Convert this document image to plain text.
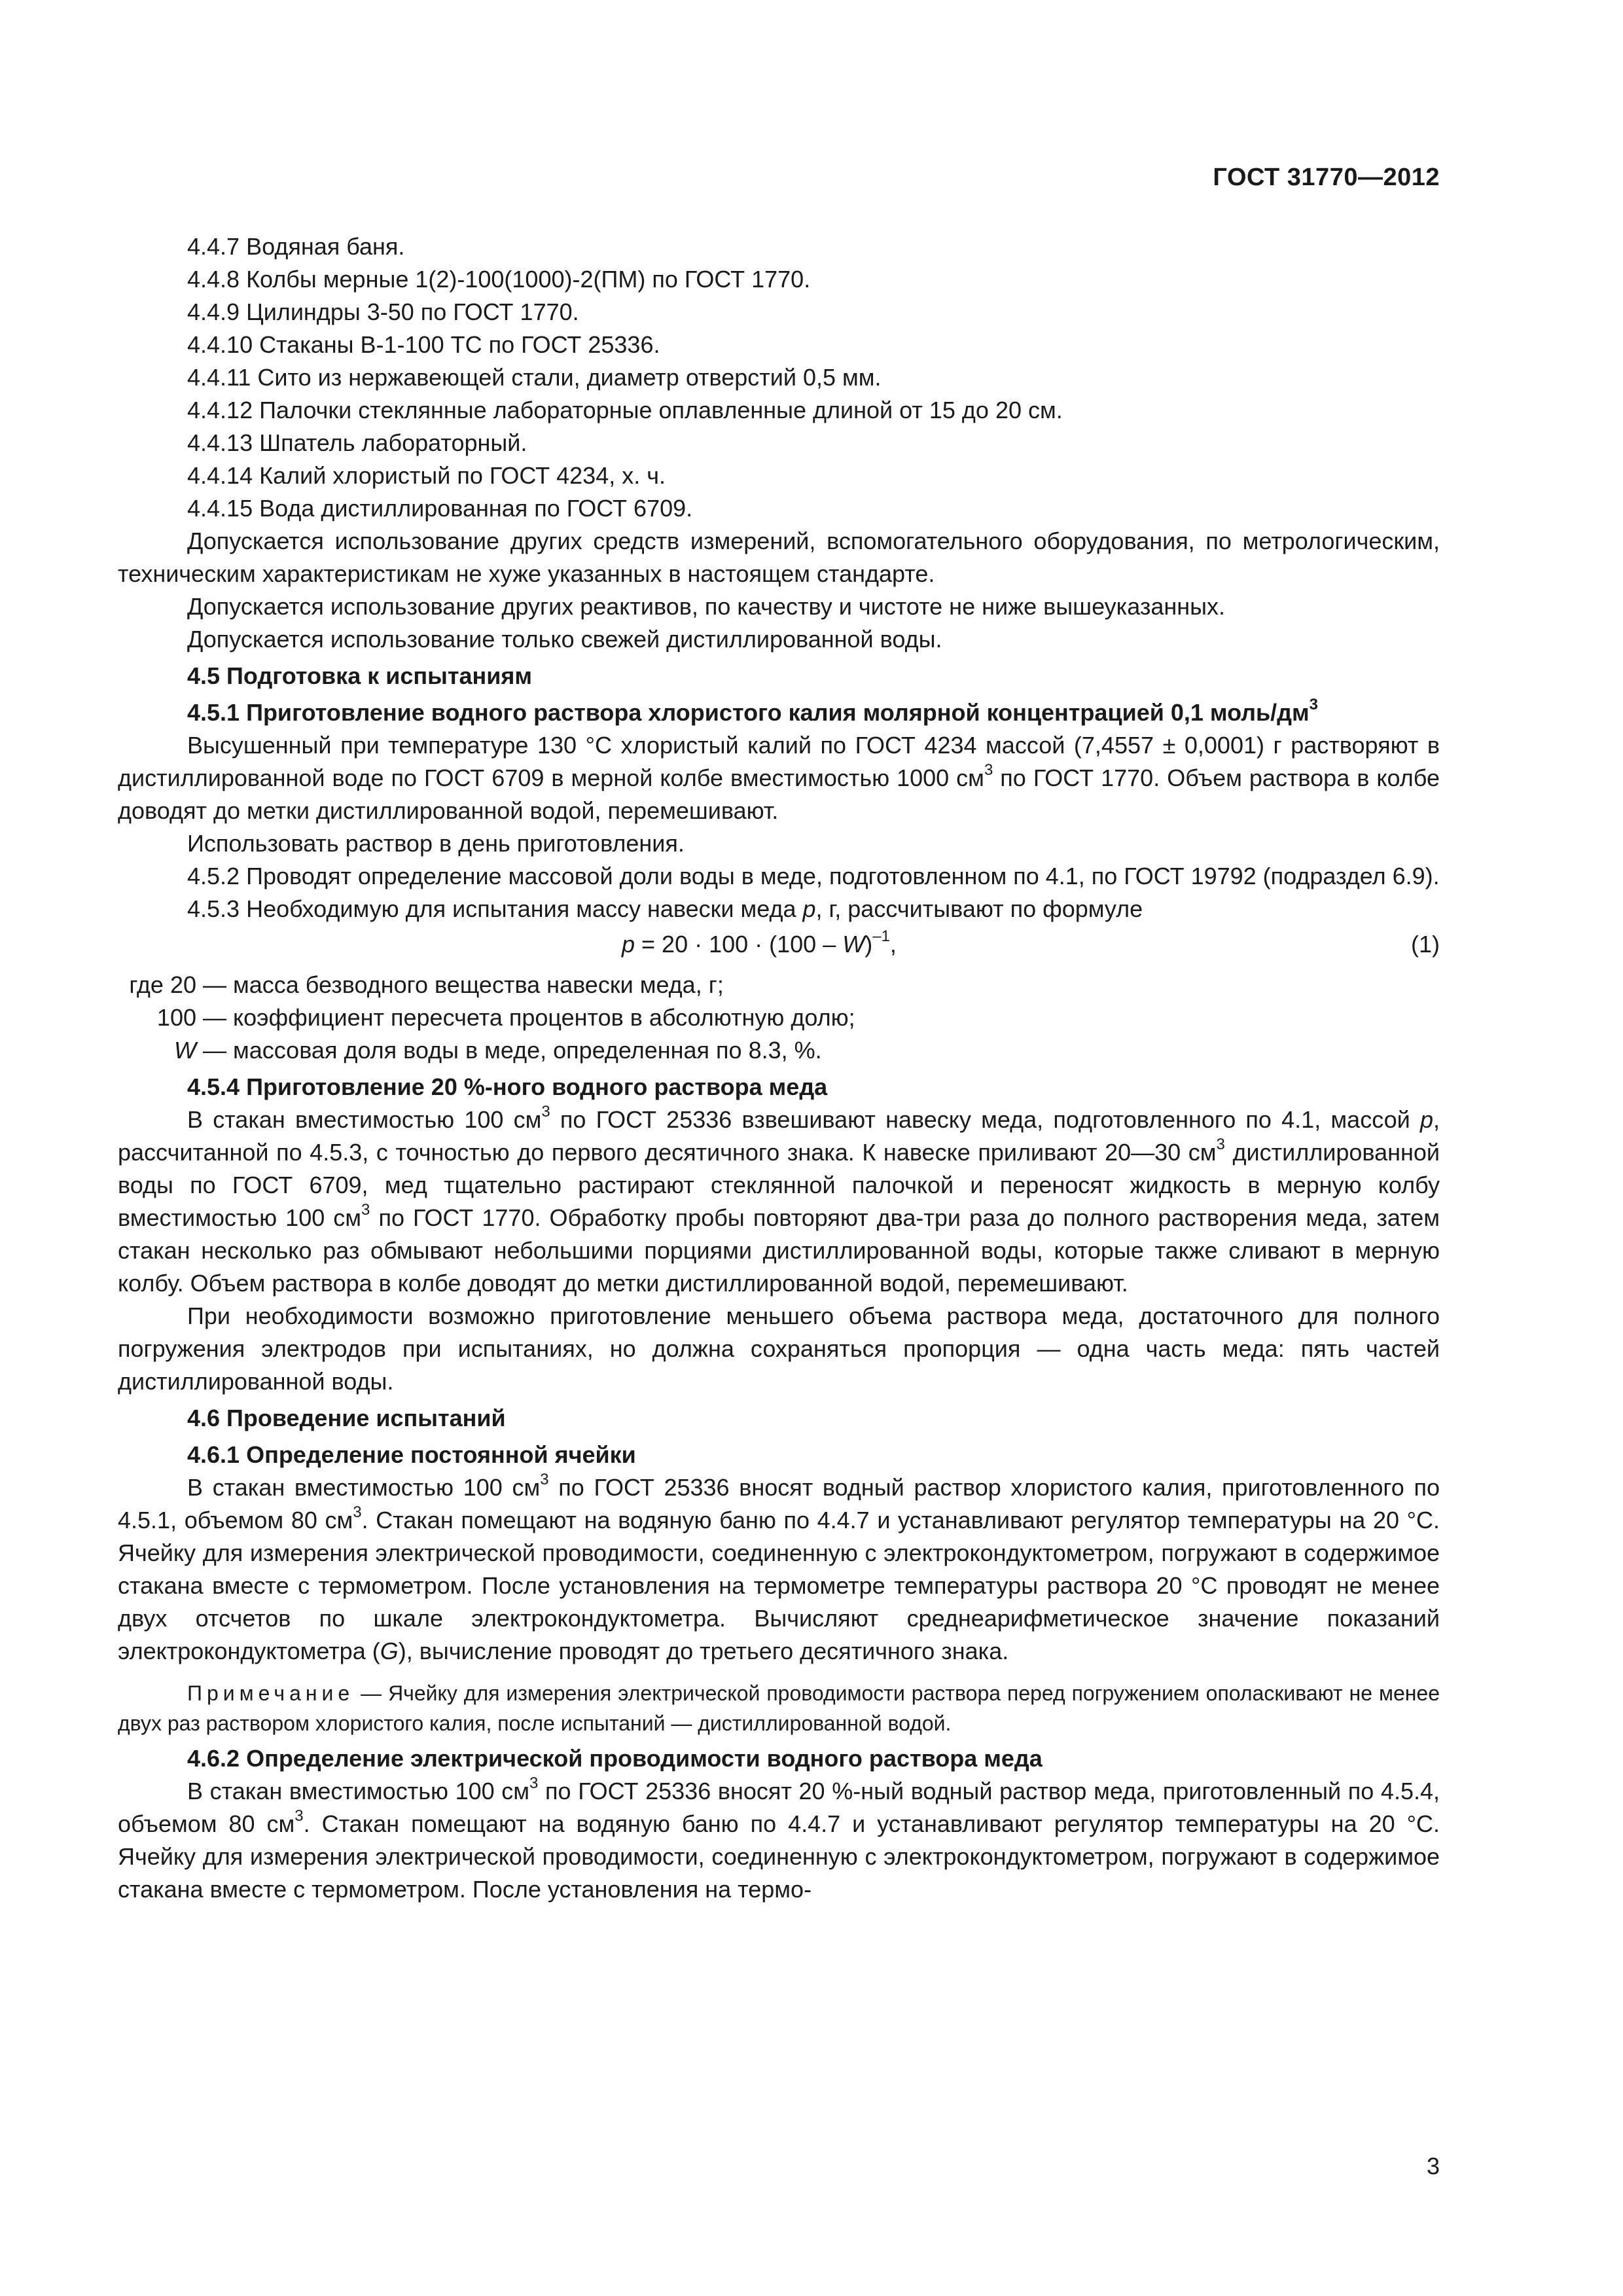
ГОСТ 31770—2012

4.4.7 Водяная баня.

4.4.8 Колбы мерные 1(2)-100(1000)-2(ПМ) по ГОСТ 1770.

4.4.9 Цилиндры 3-50 по ГОСТ 1770.

4.4.10 Стаканы В-1-100 ТС по ГОСТ 25336.

4.4.11 Сито из нержавеющей стали, диаметр отверстий 0,5 мм.

4.4.12 Палочки стеклянные лабораторные оплавленные длиной от 15 до 20 см.

4.4.13 Шпатель лабораторный.

4.4.14 Калий хлористый по ГОСТ 4234, х. ч.

4.4.15 Вода дистиллированная по ГОСТ 6709.

Допускается использование других средств измерений, вспомогательного оборудования, по метрологическим, техническим характеристикам не хуже указанных в настоящем стандарте.

Допускается использование других реактивов, по качеству и чистоте не ниже вышеуказанных.

Допускается использование только свежей дистиллированной воды.

4.5 Подготовка к испытаниям

4.5.1 Приготовление водного раствора хлористого калия молярной концентрацией 0,1 моль/$дм^3$

Высушенный при температуре 130 °С хлористый калий по ГОСТ 4234 массой (7,4557 ± 0,0001) г растворяют в дистиллированной воде по ГОСТ 6709 в мерной колбе вместимостью 1000 $см^3$ по ГОСТ 1770. Объем раствора в колбе доводят до метки дистиллированной водой, перемешивают.

Использовать раствор в день приготовления.

4.5.2 Проводят определение массовой доли воды в меде, подготовленном по 4.1, по ГОСТ 19792 (подраздел 6.9).

4.5.3 Необходимую для испытания массу навески меда р, г, рассчитывают по формуле

р = 20 · 100 · (100 – W)$^{-1}$,	(1)
где 20 — масса безводного вещества навески меда, г;
100 — коэффициент пересчета процентов в абсолютную долю;
W — массовая доля воды в меде, определенная по 8.3, %.

4.5.4 Приготовление 20 %-ного водного раствора меда

В стакан вместимостью 100 $см^3$ по ГОСТ 25336 взвешивают навеску меда, подготовленного по 4.1, массой р, рассчитанной по 4.5.3, с точностью до первого десятичного знака. К навеске приливают 20—30 $см^3$ дистиллированной воды по ГОСТ 6709, мед тщательно растирают стеклянной палочкой и переносят жидкость в мерную колбу вместимостью 100 $см^3$ по ГОСТ 1770. Обработку пробы повторяют два-три раза до полного растворения меда, затем стакан несколько раз обмывают небольшими порциями дистиллированной воды, которые также сливают в мерную колбу. Объем раствора в колбе доводят до метки дистиллированной водой, перемешивают.

При необходимости возможно приготовление меньшего объема раствора меда, достаточного для полного погружения электродов при испытаниях, но должна сохраняться пропорция — одна часть меда: пять частей дистиллированной воды.

4.6 Проведение испытаний

4.6.1 Определение постоянной ячейки

В стакан вместимостью 100 $см^3$ по ГОСТ 25336 вносят водный раствор хлористого калия, приготовленного по 4.5.1, объемом 80 $см^3$. Стакан помещают на водяную баню по 4.4.7 и устанавливают регулятор температуры на 20 °С. Ячейку для измерения электрической проводимости, соединенную с электрокондуктометром, погружают в содержимое стакана вместе с термометром. После установления на термометре температуры раствора 20 °С проводят не менее двух отсчетов по шкале электрокондуктометра. Вычисляют среднеарифметическое значение показаний электрокондуктометра (G), вычисление проводят до третьего десятичного знака.

Примечание — Ячейку для измерения электрической проводимости раствора перед погружением ополаскивают не менее двух раз раствором хлористого калия, после испытаний — дистиллированной водой.

4.6.2 Определение электрической проводимости водного раствора меда

В стакан вместимостью 100 $см^3$ по ГОСТ 25336 вносят 20 %-ный водный раствор меда, приготовленный по 4.5.4, объемом 80 $см^3$. Стакан помещают на водяную баню по 4.4.7 и устанавливают регулятор температуры на 20 °С. Ячейку для измерения электрической проводимости, соединенную с электрокондуктометром, погружают в содержимое стакана вместе с термометром. После установления на термо-

3
